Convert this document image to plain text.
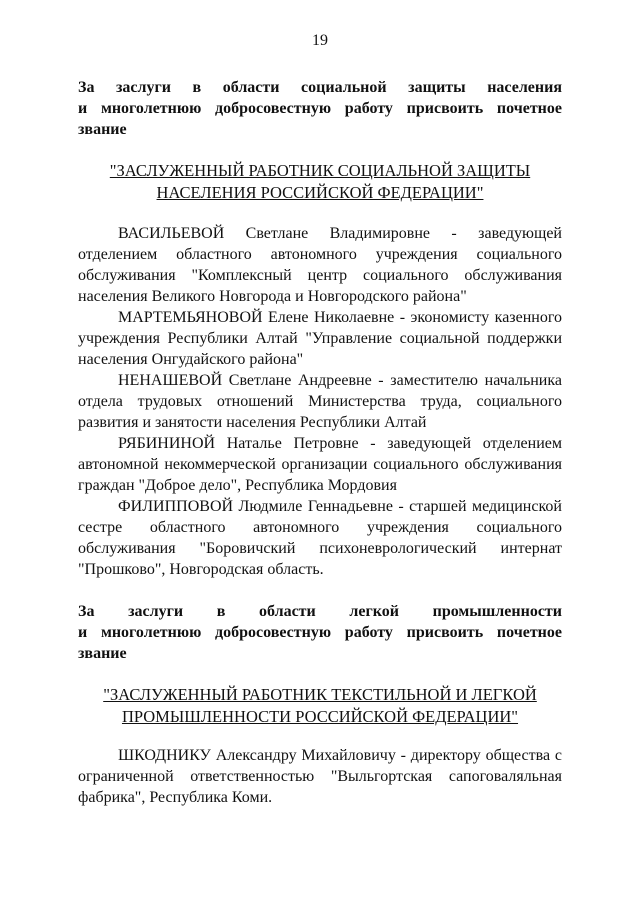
19

За заслуги в области социальной защиты населения
и многолетнюю добросовестную работу присвоить почетное
звание

"ЗАСЛУЖЕННЫЙ РАБОТНИК СОЦИАЛЬНОЙ ЗАЩИТЫ
НАСЕЛЕНИЯ РОССИЙСКОЙ ФЕДЕРАЦИИ"

ВАСИЛЬЕВОЙ Светлане Владимировне - заведующей отделением областного автономного учреждения социального обслуживания "Комплексный центр социального обслуживания населения Великого Новгорода и Новгородского района"

МАРТЕМЬЯНОВОЙ Елене Николаевне - экономисту казенного учреждения Республики Алтай "Управление социальной поддержки населения Онгудайского района"

НЕНАШЕВОЙ Светлане Андреевне - заместителю начальника отдела трудовых отношений Министерства труда, социального развития и занятости населения Республики Алтай

РЯБИНИНОЙ Наталье Петровне - заведующей отделением автономной некоммерческой организации социального обслуживания граждан "Доброе дело", Республика Мордовия

ФИЛИППОВОЙ Людмиле Геннадьевне - старшей медицинской сестре областного автономного учреждения социального обслуживания "Боровичский психоневрологический интернат "Прошково", Новгородская область.

За заслуги в области легкой промышленности
и многолетнюю добросовестную работу присвоить почетное
звание

"ЗАСЛУЖЕННЫЙ РАБОТНИК ТЕКСТИЛЬНОЙ И ЛЕГКОЙ
ПРОМЫШЛЕННОСТИ РОССИЙСКОЙ ФЕДЕРАЦИИ"

ШКОДНИКУ Александру Михайловичу - директору общества с ограниченной ответственностью "Выльгортская сапоговаляльная фабрика", Республика Коми.
